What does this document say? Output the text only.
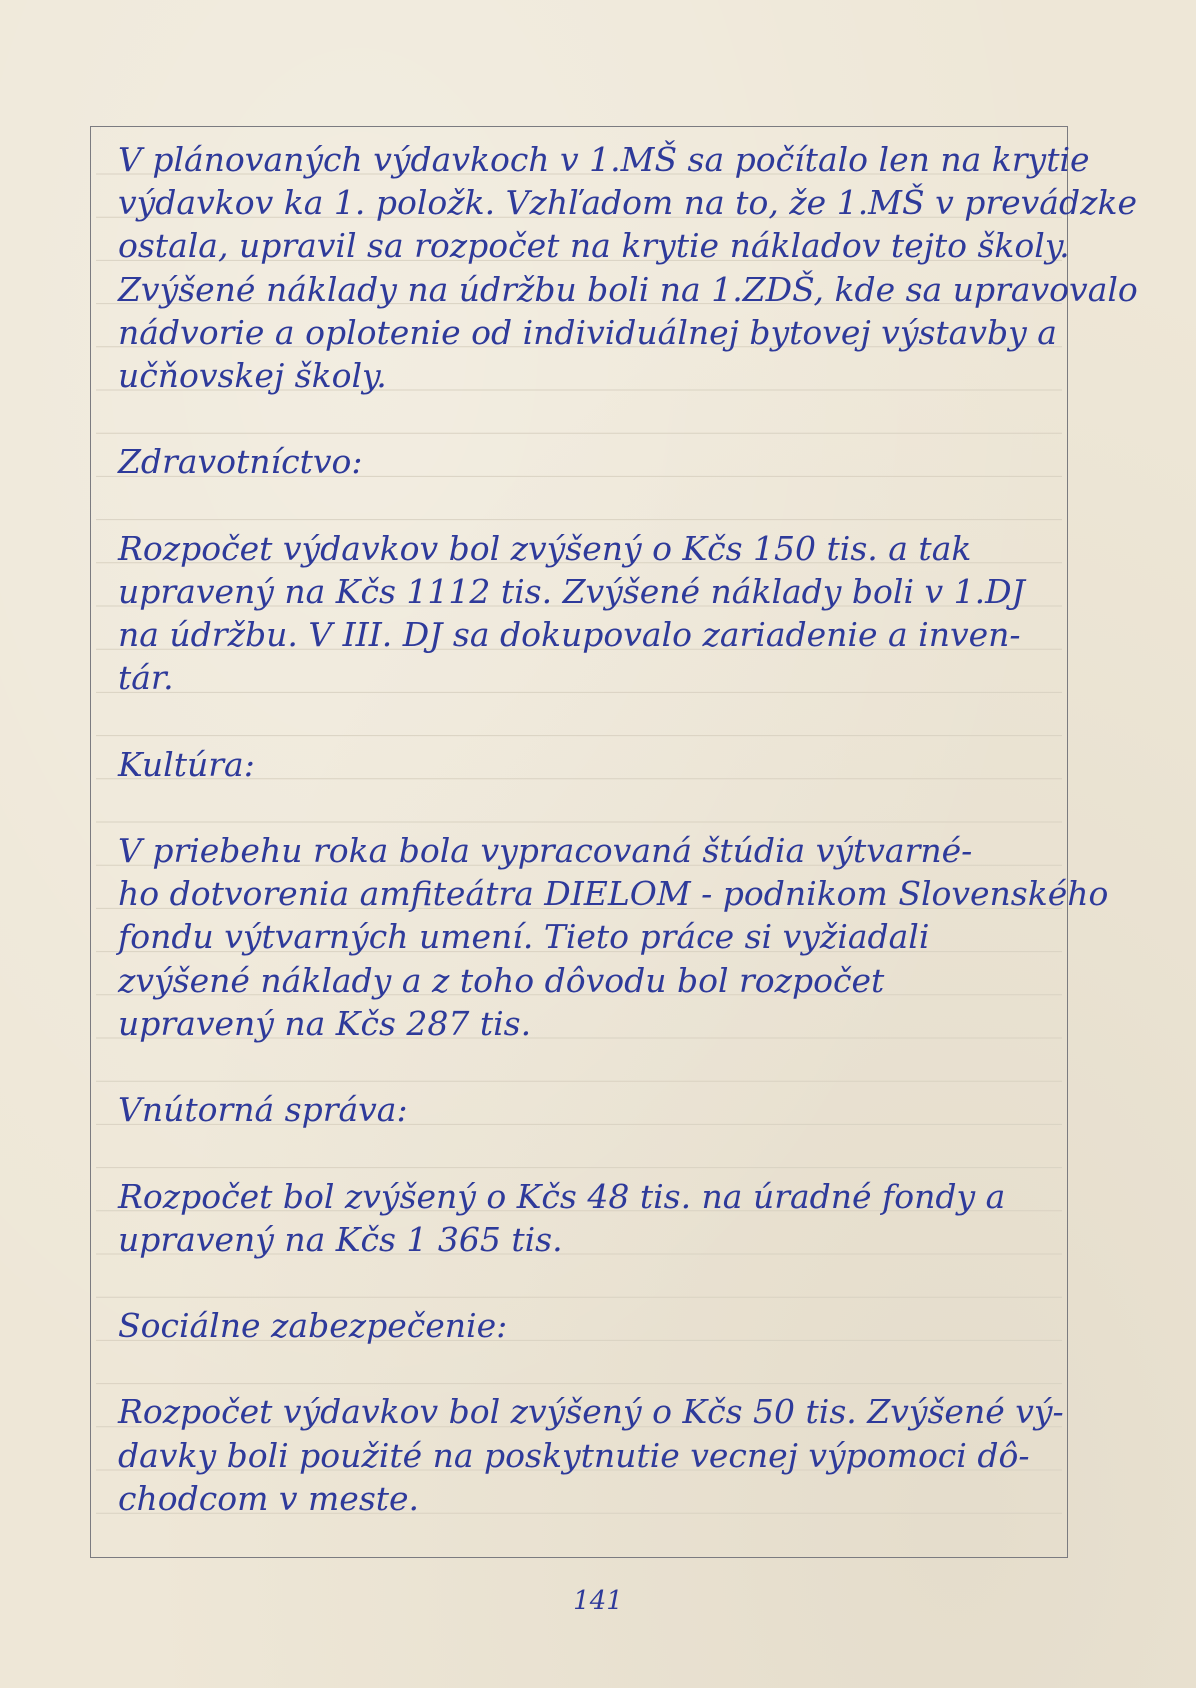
V plánovaných výdavkoch v 1.MŠ sa počítalo len na krytie
výdavkov ka 1. položk. Vzhľadom na to, že 1.MŠ v prevádzke
ostala, upravil sa rozpočet na krytie nákladov tejto školy.
Zvýšené náklady na údržbu boli na 1.ZDŠ, kde sa upravovalo
nádvorie a oplotenie od individuálnej bytovej výstavby a
učňovskej školy.
Zdravotníctvo:
Rozpočet výdavkov bol zvýšený o Kčs 150 tis. a tak
upravený na Kčs 1112 tis. Zvýšené náklady boli v 1.DJ
na údržbu. V III. DJ sa dokupovalo zariadenie a inven-
tár.
Kultúra:
V priebehu roka bola vypracovaná štúdia výtvarné-
ho dotvorenia amfiteátra DIELOM - podnikom Slovenského
fondu výtvarných umení. Tieto práce si vyžiadali
zvýšené náklady a z toho dôvodu bol rozpočet
upravený na Kčs 287 tis.
Vnútorná správa:
Rozpočet bol zvýšený o Kčs 48 tis. na úradné fondy a
upravený na Kčs 1 365 tis.
Sociálne zabezpečenie:
Rozpočet výdavkov bol zvýšený o Kčs 50 tis. Zvýšené vý-
davky boli použité na poskytnutie vecnej výpomoci dô-
chodcom v meste.
141
